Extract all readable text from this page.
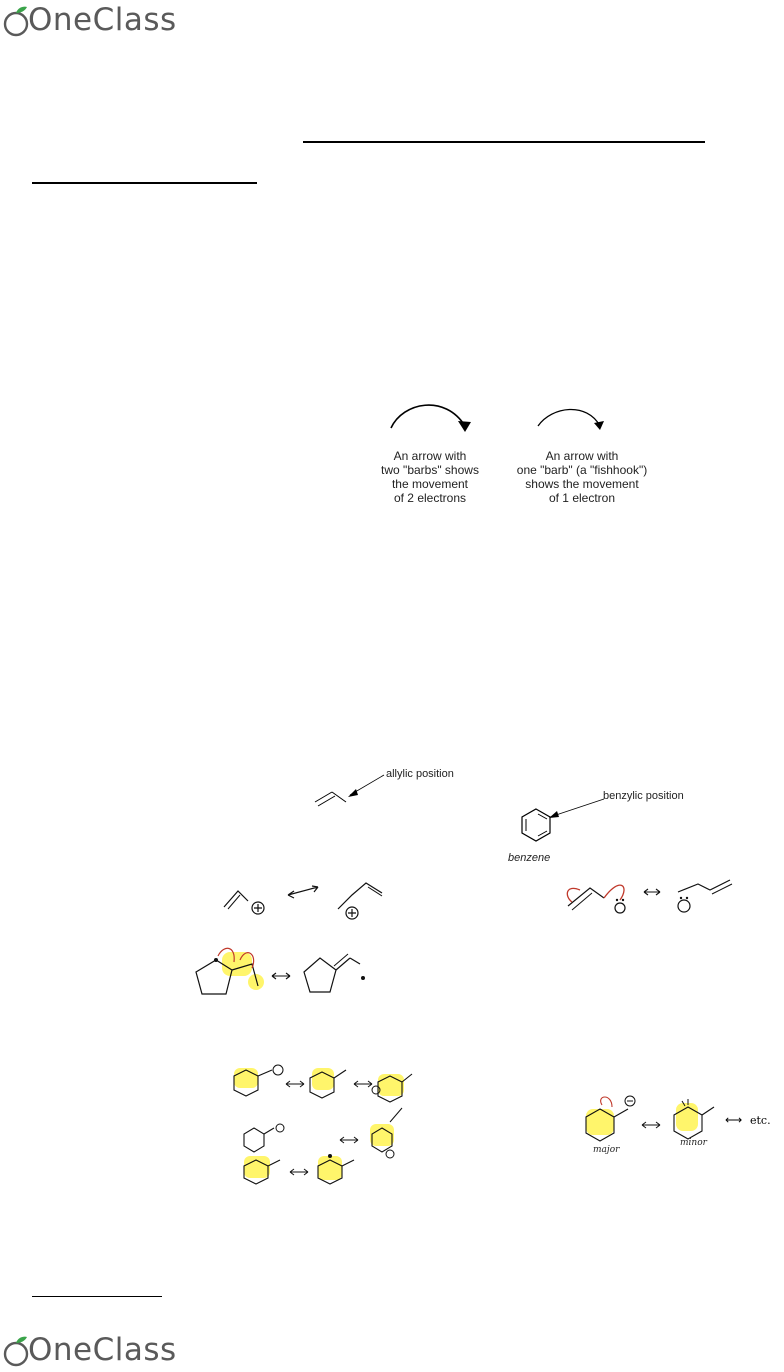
OneClass
An arrow with
two "barbs" shows
the movement
of 2 electrons
An arrow with
one "barb" (a "fishhook")
shows the movement
of 1 electron
allylic position
benzylic position
benzene
major
minor
⟷ etc.
OneClass
